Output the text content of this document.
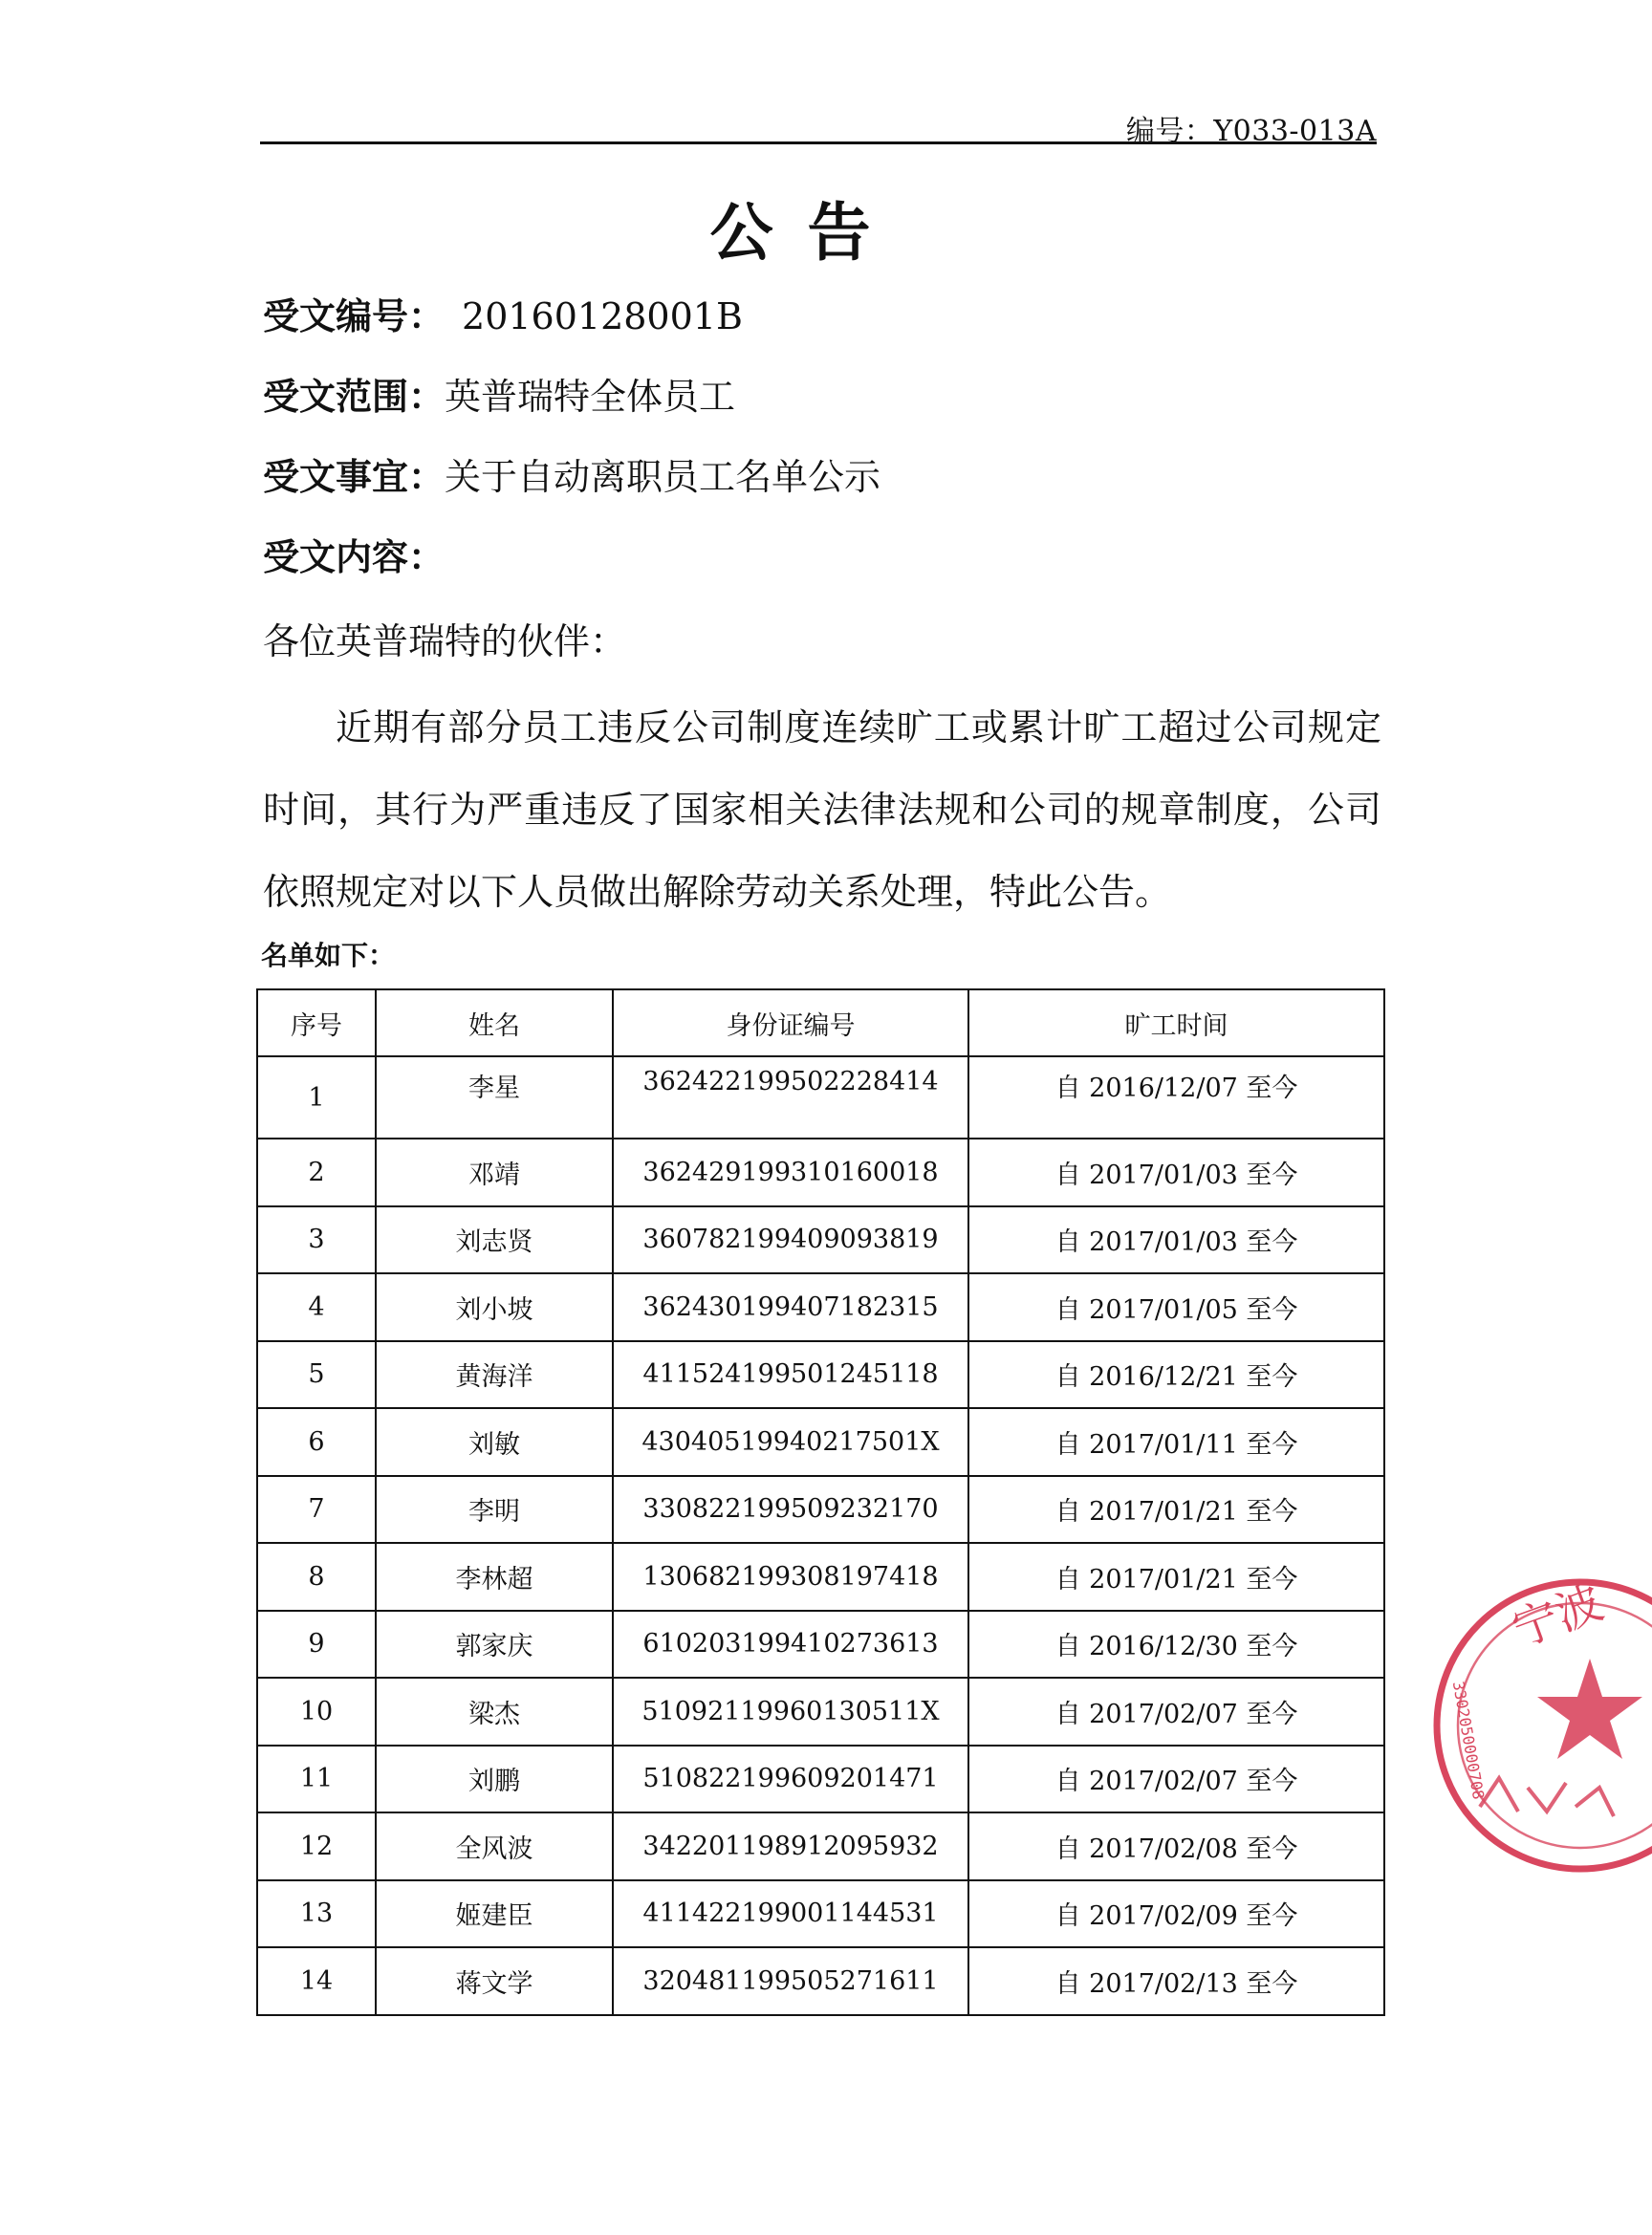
编号：Y033-013A
公告
受文编号： 20160128001B
受文范围：英普瑞特全体员工
受文事宜：关于自动离职员工名单公示
受文内容：
各位英普瑞特的伙伴：
近期有部分员工违反公司制度连续旷工或累计旷工超过公司规定时间，其行为严重违反了国家相关法律法规和公司的规章制度，公司依照规定对以下人员做出解除劳动关系处理，特此公告。
名单如下：
序号	姓名	身份证编号	旷工时间
1	李星	362422199502228414	自 2016/12/07 至今
2	邓靖	362429199310160018	自 2017/01/03 至今
3	刘志贤	360782199409093819	自 2017/01/03 至今
4	刘小坡	362430199407182315	自 2017/01/05 至今
5	黄海洋	411524199501245118	自 2016/12/21 至今
6	刘敏	43040519940217501X	自 2017/01/11 至今
7	李明	330822199509232170	自 2017/01/21 至今
8	李林超	130682199308197418	自 2017/01/21 至今
9	郭家庆	610203199410273613	自 2016/12/30 至今
10	梁杰	51092119960130511X	自 2017/02/07 至今
11	刘鹏	510822199609201471	自 2017/02/07 至今
12	全风波	342201198912095932	自 2017/02/08 至今
13	姬建臣	411422199001144531	自 2017/02/09 至今
14	蒋文学	320481199505271611	自 2017/02/13 至今
宁波
3302050000708
